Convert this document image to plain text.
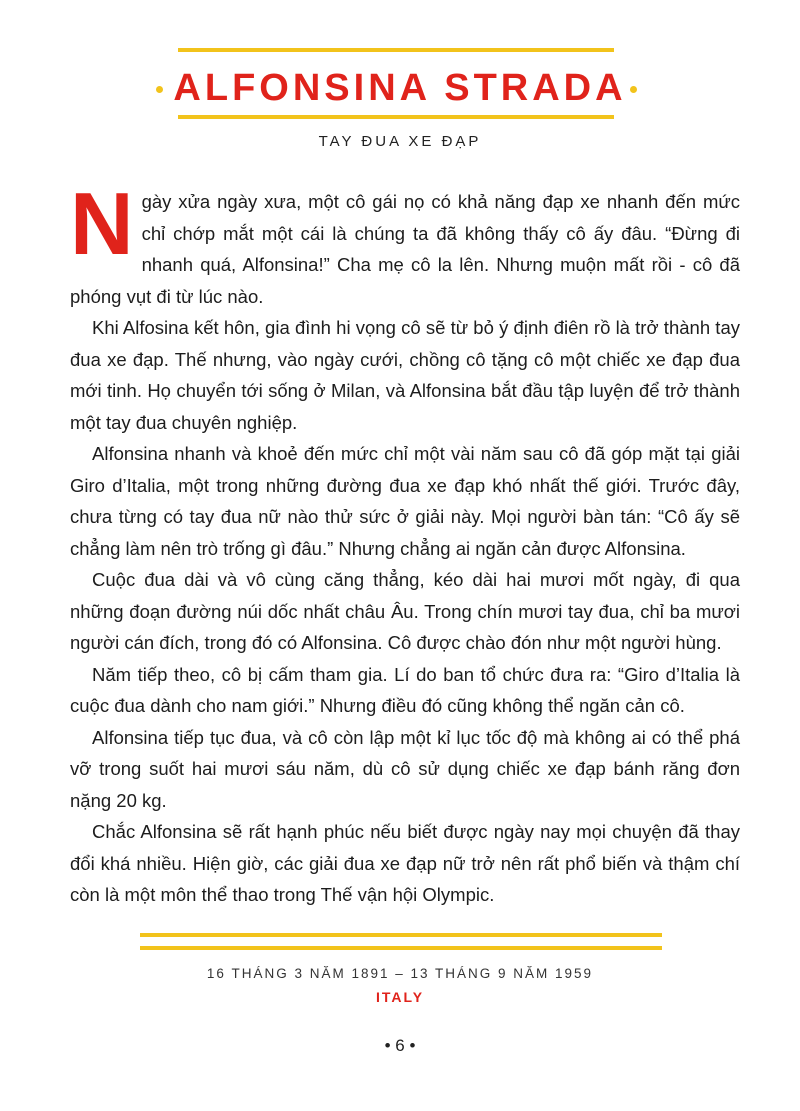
ALFONSINA STRADA
TAY ĐUA XE ĐẠP

Ngày xửa ngày xưa, một cô gái nọ có khả năng đạp xe nhanh đến mức chỉ chớp mắt một cái là chúng ta đã không thấy cô ấy đâu. “Đừng đi nhanh quá, Alfonsina!” Cha mẹ cô la lên. Nhưng muộn mất rồi - cô đã phóng vụt đi từ lúc nào.

Khi Alfosina kết hôn, gia đình hi vọng cô sẽ từ bỏ ý định điên rồ là trở thành tay đua xe đạp. Thế nhưng, vào ngày cưới, chồng cô tặng cô một chiếc xe đạp đua mới tinh. Họ chuyển tới sống ở Milan, và Alfonsina bắt đầu tập luyện để trở thành một tay đua chuyên nghiệp.

Alfonsina nhanh và khoẻ đến mức chỉ một vài năm sau cô đã góp mặt tại giải Giro d’Italia, một trong những đường đua xe đạp khó nhất thế giới. Trước đây, chưa từng có tay đua nữ nào thử sức ở giải này. Mọi người bàn tán: “Cô ấy sẽ chẳng làm nên trò trống gì đâu.” Nhưng chẳng ai ngăn cản được Alfonsina.

Cuộc đua dài và vô cùng căng thẳng, kéo dài hai mươi mốt ngày, đi qua những đoạn đường núi dốc nhất châu Âu. Trong chín mươi tay đua, chỉ ba mươi người cán đích, trong đó có Alfonsina. Cô được chào đón như một người hùng.

Năm tiếp theo, cô bị cấm tham gia. Lí do ban tổ chức đưa ra: “Giro d’Italia là cuộc đua dành cho nam giới.” Nhưng điều đó cũng không thể ngăn cản cô.

Alfonsina tiếp tục đua, và cô còn lập một kỉ lục tốc độ mà không ai có thể phá vỡ trong suốt hai mươi sáu năm, dù cô sử dụng chiếc xe đạp bánh răng đơn nặng 20 kg.

Chắc Alfonsina sẽ rất hạnh phúc nếu biết được ngày nay mọi chuyện đã thay đổi khá nhiều. Hiện giờ, các giải đua xe đạp nữ trở nên rất phổ biến và thậm chí còn là một môn thể thao trong Thế vận hội Olympic.

16 THÁNG 3 NĂM 1891 – 13 THÁNG 9 NĂM 1959
ITALY
• 6 •
